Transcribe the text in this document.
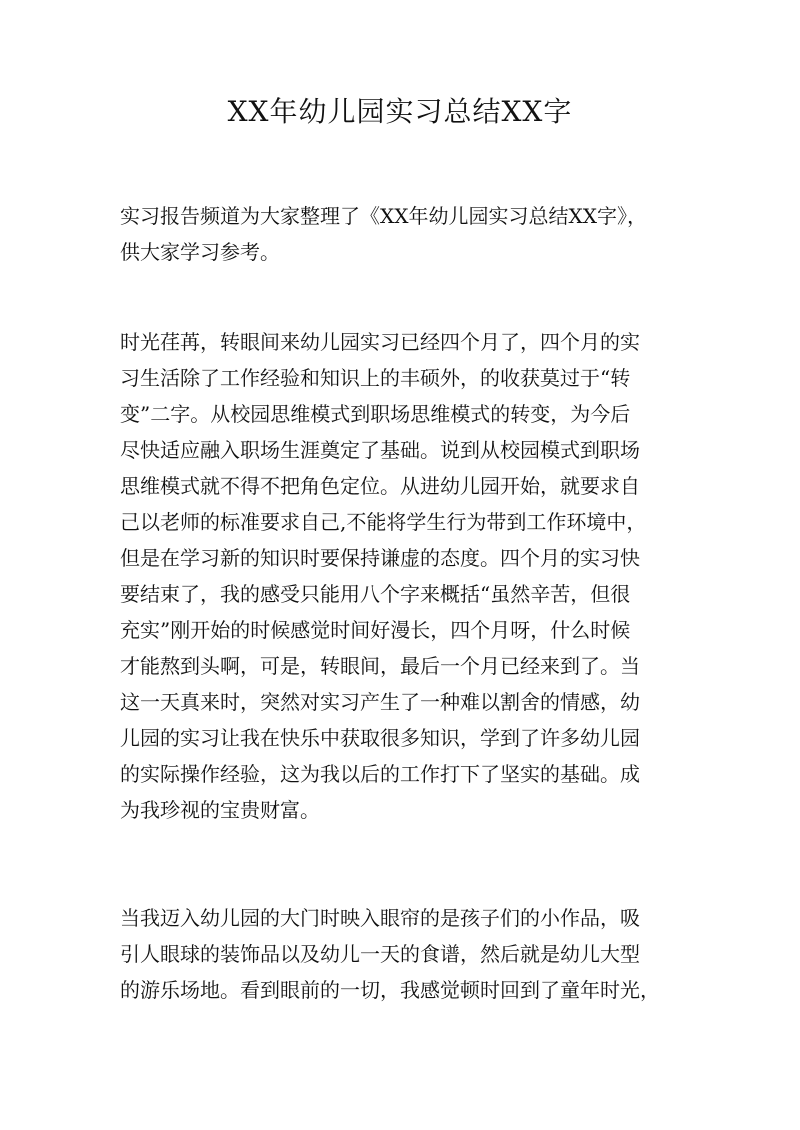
XX年幼儿园实习总结XX字

实习报告频道为大家整理了《XX年幼儿园实习总结XX字》，
供大家学习参考。

时光荏苒，转眼间来幼儿园实习已经四个月了，四个月的实
习生活除了工作经验和知识上的丰硕外，的收获莫过于“转
变”二字。从校园思维模式到职场思维模式的转变，为今后
尽快适应融入职场生涯奠定了基础。说到从校园模式到职场
思维模式就不得不把角色定位。从进幼儿园开始，就要求自
己以老师的标准要求自己,不能将学生行为带到工作环境中，
但是在学习新的知识时要保持谦虚的态度。四个月的实习快
要结束了，我的感受只能用八个字来概括“虽然辛苦，但很
充实”刚开始的时候感觉时间好漫长，四个月呀，什么时候
才能熬到头啊，可是，转眼间，最后一个月已经来到了。当
这一天真来时，突然对实习产生了一种难以割舍的情感，幼
儿园的实习让我在快乐中获取很多知识，学到了许多幼儿园
的实际操作经验，这为我以后的工作打下了坚实的基础。成
为我珍视的宝贵财富。

当我迈入幼儿园的大门时映入眼帘的是孩子们的小作品，吸
引人眼球的装饰品以及幼儿一天的食谱，然后就是幼儿大型
的游乐场地。看到眼前的一切，我感觉顿时回到了童年时光，
